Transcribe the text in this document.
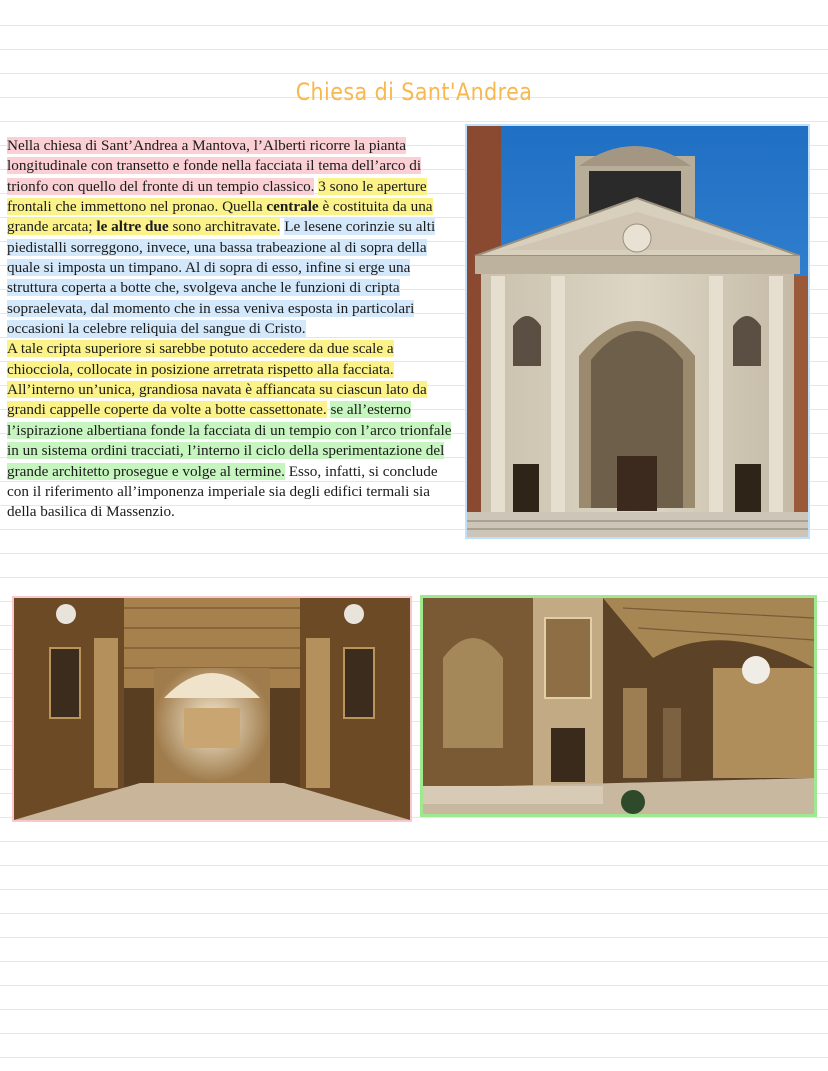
Chiesa di Sant'Andrea

Nella chiesa di Sant’Andrea a Mantova, l’Alberti ricorre la pianta longitudinale con transetto e fonde nella facciata il tema dell’arco di trionfo con quello del fronte di un tempio classico. 3 sono le aperture frontali che immettono nel pronao. Quella centrale è costituita da una grande arcata; le altre due sono architravate. Le lesene corinzie su alti piedistalli sorreggono, invece, una bassa trabeazione al di sopra della quale si imposta un timpano. Al di sopra di esso, infine si erge una struttura coperta a botte che, svolgeva anche le funzioni di cripta sopraelevata, dal momento che in essa veniva esposta in particolari occasioni la celebre reliquia del sangue di Cristo.

A tale cripta superiore si sarebbe potuto accedere da due scale a chiocciola, collocate in posizione arretrata rispetto alla facciata. All’interno un’unica, grandiosa navata è affiancata su ciascun lato da grandi cappelle coperte da volte a botte cassettonate. se all’esterno l’ispirazione albertiana fonde la facciata di un tempio con l’arco trionfale in un sistema ordini tracciati, l’interno il ciclo della sperimentazione del grande architetto prosegue e volge al termine. Esso, infatti, si conclude con il riferimento all’imponenza imperiale sia degli edifici termali sia della basilica di Massenzio.
